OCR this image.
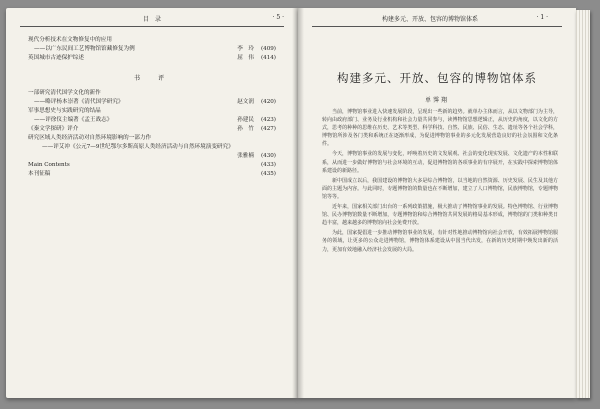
目　录	· 5 ·
现代分析技术在文物修复中的应用
——以广东民间工艺博物馆馆藏修复为例	李　玲 (409)
英国城市古迹保护综述	屈　伟 (414)
书　评
一部研究清代国学文化的新作
——略评杨本崇著《清代国学研究》	赵文润 (420)
军事思想史与实践研究的结晶
——评徐仪主编著《孟王战志》	孙建民 (423)
《秦文学探研》评介	孙　竹 (427)
研究区域人类经济活动对自然环境影响的一部力作
——评艾冲《公元7—9世纪鄂尔多斯高原人类经济活动与自然环境演变研究》
张雅楠 (430)
Main Contents	(433)
本刊征稿	(435)
构建多元、开放、包容的博物馆体系	· 1 ·
构建多元、开放、包容的博物馆体系
单霁翔

当前，博物馆事业进入快速发展阶段，呈现出一些新的趋势。就单办主体而言，从以文物部门为主导，转向由政府部门、业务及行业机构和社会力量共同参与，读博物馆思想逻辑正，从历史的角度，以文化的方式，思考的种种的思维在历史、艺术等类型、科学科技、自然、民族、民俗、生态、遗址等各个社会学科，博物馆所涉及各门类和系统正在逐渐形成，为促进博物馆事业的多元化发展营造良好的社会氛围和文化条件。

今天，博物馆事业的发展与变化，呼唤着历史的文发展观、社会的变化现实发展、文化遗产的本性和联系，从而进一步做好博物馆与社会环境的互动，促进博物馆的各项事业的有序展开，在实践中探索博物馆体系建设的新路径。

新中国成立以后，我国建设的博物馆大多是综合博物馆，以当地的自然资源、历史发展、民生及其他方面的主题为内容。与此同时，专题博物馆的数量也在不断增加，建立了人口博物馆，民族博物馆，专题博物馆等等。

近年来，国家相关部门出台的一系列政策措施，极大推动了博物馆事业的发展。特色博物馆、行业博物馆、民办博物馆数量不断增加，专题博物馆和综合博物馆共同发展的格局基本形成，博物馆的门类和种类日趋丰富，越来越多的博物馆向社会免费开放。

为此，国家提倡进一步推动博物馆事业的发展，有针对性地推动博物馆向社会开放，有效拓展博物馆服务的领域，让更多的公众走进博物馆，博物馆体系建设从中国当代出发，在新的历史时期中焕发出新的活力，更加有效地融入经济社会发展的大局。
